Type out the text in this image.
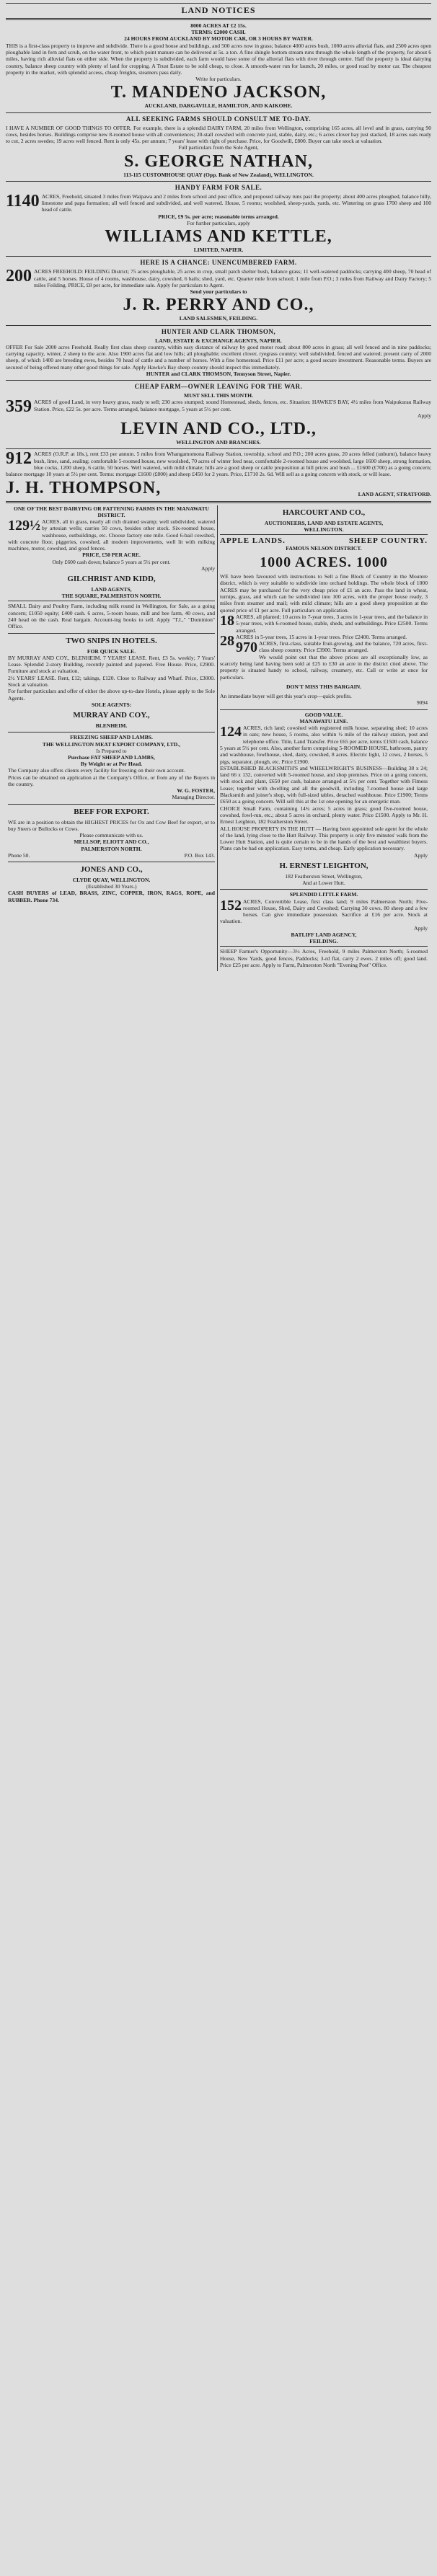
LAND NOTICES
8000 ACRES AT £2 15s.
TERMS: £2000 CASH.
24 HOURS FROM AUCKLAND BY MOTOR CAR, OR 3 HOURS BY WATER.

THIS is a first-class property to improve and subdivide. There is a good house and buildings, and 500 acres now in grass; balance 4000 acres bush, 1000 acres alluvial flats, and 2500 acres open ploughable land in fern and scrub, on the water front, to which point manure can be delivered at 5s. a ton. A fine shingle bottom stream runs through the whole length of the property, for about 6 miles, having rich alluvial flats on either side. When the property is subdivided, each farm would have some of the alluvial flats with river through centre. Half the property is ideal dairying country, balance sheep country with plenty of land for cropping. A Trust Estate to be sold cheap, to close. A smooth-water run for launch, 20 miles, or good road by motor car. The cheapest property in the market, with splendid access, cheap freights, steamers pass daily.

Write for particulars.
T. MANDENO JACKSON,
AUCKLAND, DARGAVILLE, HAMILTON, AND KAIKOHE.
ALL SEEKING FARMS SHOULD CONSULT ME TO-DAY.

I HAVE A NUMBER OF GOOD THINGS TO OFFER. For example, there is a splendid DAIRY FARM, 20 miles from Wellington, comprising 165 acres, all level and in grass, carrying 90 cows, besides horses. Buildings comprise new 8-roomed house with all conveniences; 20-stall cowshed with concrete yard, stable, dairy, etc.; 6 acres clover hay just stacked, 18 acres oats ready to cut, 2 acres swedes; 19 acres well fenced. Rent is only 45s. per annum; 7 years' lease with right of purchase. Price, for Goodwill, £800. Buyer can take stock at valuation.

Full particulars from the Sole Agent,
S. GEORGE NATHAN,
113-115 CUSTOMHOUSE QUAY (Opp. Bank of New Zealand), WELLINGTON.
HANDY FARM FOR SALE.

1140 ACRES, Freehold, situated 3 miles from Waipawa and 2 miles from school and post office, and proposed railway runs past the property; about 400 acres ploughed, balance hilly, limestone and papa formation; all well fenced and subdivided, and well watered. House, 5 rooms; woolshed, sheep-yards, yards, etc. Wintering on grass 1700 sheep and 100 head of cattle.

PRICE, £9 5s. per acre; reasonable terms arranged.
For further particulars, apply
WILLIAMS AND KETTLE,
LIMITED, NAPIER.
HERE IS A CHANCE: UNENCUMBERED FARM.

200 ACRES FREEHOLD: FEILDING District; 75 acres ploughable, 25 acres in crop, small patch shelter bush, balance grass; 11 well-watered paddocks; carrying 400 sheep, 70 head of cattle, and 5 horses. House of 4 rooms, washhouse, dairy, cowshed, 6 bails; shed, yard, etc. Quarter mile from school; 1 mile from P.O.; 3 miles from Railway and Dairy Factory; 5 miles Feilding. PRICE, £8 per acre, for immediate sale. Apply for particulars to Agent.

Send your particulars to
J. R. PERRY AND CO.,
LAND SALESMEN, FEILDING.
HUNTER AND CLARK THOMSON,
LAND, ESTATE & EXCHANGE AGENTS, NAPIER.

OFFER For Sale 2000 acres Freehold. Really first class sheep country, within easy distance of railway by good motor road; about 800 acres in grass; all well fenced and in nine paddocks; carrying capacity, winter, 2 sheep to the acre. Also 1900 acres flat and low hills; all ploughable; excellent clover, ryegrass country; well subdivided, fenced and watered; present carry of 2000 sheep, of which 1400 are breeding ewes, besides 70 head of cattle and a number of horses. With a fine homestead. Price £11 per acre; a good secure investment. Reasonable terms. Buyers are secured of being offered many other good things for sale. Apply Hawke's Bay sheep country should inspect this immediately.

HUNTER and CLARK THOMSON, Tennyson Street, Napier.
CHEAP FARM—OWNER LEAVING FOR THE WAR.
MUST SELL THIS MONTH.

359 ACRES of good Land, in very heavy grass, ready to sell; 230 acres stumped; sound Homestead, sheds, fences, etc. Situation: HAWKE'S BAY, 4½ miles from Waipukurau Railway Station. Price, £22 5s. per acre. Terms arranged, balance mortgage, 5 years at 5½ per cent.

Apply
LEVIN AND CO., LTD.,
WELLINGTON AND BRANCHES.

912 ACRES (O.R.P. at 18s.), rent £33 per annum. 5 miles from Whangamomona Railway Station, township, school and P.O.; 200 acres grass, 20 acres felled (unburnt), balance heavy bush, lime, sand, sealing; comfortable 5-roomed house, new woolshed, 70 acres of winter feed near, comfortable 2-roomed house and woolshed, large 1600 sheep, strong formation, blue cocks, 1200 sheep, 6 cattle, 50 horses. Well watered, with mild climate; hills are a good sheep or cattle proposition at hill prices and bush ... £1600 (£700) as a going concern; balance mortgage 10 years at 5½ per cent. Terms: mortgage £1600 (£800) and sheep £450 for 2 years. Price, £1710 2s. 6d. Will sell as a going concern with stock, or will lease.

J. H. THOMPSON,	LAND AGENT, STRATFORD.
ONE OF THE BEST DAIRYING OR FATTENING FARMS IN THE MANAWATU DISTRICT.

129½ ACRES, all in grass, nearly all rich drained swamp; well subdivided, watered by artesian wells; carries 50 cows, besides other stock. Six-roomed house, washhouse, outbuildings, etc. Choose factory one mile. Good 6-bail cowshed, with concrete floor, piggeries, cowshed, all modern improvements, well lit with milking machines, motor, cowshed, and good fences.

PRICE, £50 PER ACRE.
Only £600 cash down; balance 5 years at 5½ per cent.
Apply
GILCHRIST AND KIDD,
LAND AGENTS,
THE SQUARE, PALMERSTON NORTH.

SMALL Dairy and Poultry Farm, including milk round in Wellington, for Sale, as a going concern; £1050 equity; £400 cash. 6 acres, 5-room house, mill and bee farm, 40 cows, and 240 head on the cash. Real bargain. Account-ing books to sell. Apply "T.I.," "Dominion" Office.

TWO SNIPS IN HOTELS.
FOR QUICK SALE.

BY MURRAY AND COY., BLENHEIM. 7 YEARS' LEASE. Rent, £3 5s. weekly; 7 Years' Lease. Splendid 2-story Building, recently painted and papered. Free House. Price, £2900. Furniture and stock at valuation.

2½ YEARS' LEASE. Rent, £12; takings, £120. Close to Railway and Wharf. Price, £3000. Stock at valuation.

For further particulars and offer of either the above up-to-date Hotels, please apply to the Sole Agents.

SOLE AGENTS:
MURRAY AND COY.,
BLENHEIM.
FREEZING SHEEP AND LAMBS.
THE WELLINGTON MEAT EXPORT COMPANY, LTD.,
Is Prepared to
Purchase FAT SHEEP AND LAMBS,
By Weight or at Per Head.

The Company also offers clients every facility for freezing on their own account.

Prices can be obtained on application at the Company's Office, or from any of the Buyers in the country.

W. G. FOSTER,
Managing Director.
BEEF FOR EXPORT.

WE are in a position to obtain the HIGHEST PRICES for Ox and Cow Beef for export, or to buy Steers or Bullocks or Cows.

Please communicate with us.
MELLSOP, ELIOTT AND CO.,
PALMERSTON NORTH.
Phone 50.	P.O. Box 143.
JONES AND CO.,
CLYDE QUAY, WELLINGTON.
(Established 30 Years.)

CASH BUYERS of LEAD, BRASS, ZINC, COPPER, IRON, RAGS, ROPE, and RUBBER. Phone 734.

HARCOURT AND CO.,
AUCTIONEERS, LAND AND ESTATE AGENTS,
WELLINGTON.
APPLE LANDS.	SHEEP COUNTRY.
FAMOUS NELSON DISTRICT.
1000 ACRES. 1000

WE have been favoured with instructions to Sell a fine Block of Country in the Moutere district, which is very suitable to subdivide into orchard holdings. The whole block of 1000 ACRES may be purchased for the very cheap price of £1 an acre. Pass the land in wheat, turnips, grass, and which can be subdivided into 100 acres, with the proper house ready, 3 miles from steamer and mail; with mild climate; hills are a good sheep proposition at the quoted price of £1 per acre. Full particulars on application.

18 ACRES, all planted; 10 acres in 7-year trees, 3 acres in 1-year trees, and the balance in 5-year trees, with 6-roomed house, stable, sheds, and outbuildings. Price £2500. Terms arranged.

28 ACRES in 5-year trees, 15 acres in 1-year trees. Price £2400. Terms arranged.

970 ACRES, first-class, suitable fruit-growing, and the balance, 720 acres, first-class sheep country. Price £3900. Terms arranged.

We would point out that the above prices are all exceptionally low, as scarcely being land having been sold at £25 to £30 an acre in the district cited above. The property is situated handy to school, railway, creamery, etc. Call or write at once for particulars.

DON'T MISS THIS BARGAIN.

An immediate buyer will get this year's crop—quick profits.

9094
GOOD VALUE.
MANAWATU LINE.

124 ACRES, rich land; cowshed with registered milk house, separating shed; 10 acres in oats; new house, 5 rooms, also within ½ mile of the railway station, post and telephone office. Title, Land Transfer. Price £65 per acre, terms £1500 cash, balance 5 years at 5½ per cent. Also, another farm comprising 5-ROOMED HOUSE, bathroom, pantry and washhouse, fowlhouse, shed, dairy, cowshed, 8 acres. Electric light, 12 cows, 2 horses, 5 pigs, separator, plough, etc. Price £1900.

ESTABLISHED BLACKSMITH'S and WHEELWRIGHT'S BUSINESS—Building 38 x 24; land 66 x 132, converted with 5-roomed house, and shop premises. Price on a going concern, with stock and plant, £650 per cash, balance arranged at 5½ per cent. Together with Fitness Lease; together with dwelling and all the goodwill, including 7-roomed house and large Blacksmith and joiner's shop, with full-sized tables, detached washhouse. Price £1900; Terms £650 as a going concern. Will sell this at the 1st one opening for an energetic man.

CHOICE Small Farm, containing 14¾ acres; 5 acres in grass; good five-roomed house, cowshed, fowl-run, etc.; about 5 acres in orchard, plenty water. Price £1500. Apply to Mr. H. Ernest Leighton, 182 Featherston Street.

ALL HOUSE PROPERTY IN THE HUTT — Having been appointed sole agent for the whole of the land, lying close to the Hutt Railway. This property is only five minutes' walk from the Lower Hutt Station, and is quite certain to be in the hands of the best and wealthiest buyers. Plans can be had on application. Easy terms, and cheap. Early application necessary.

Apply
H. ERNEST LEIGHTON,
182 Featherston Street, Wellington,
And at Lower Hutt.
SPLENDID LITTLE FARM.

152 ACRES, Convertible Lease, first class land; 9 miles Palmerston North; Five-roomed House, Shed, Dairy and Cowshed; Carrying 30 cows, 80 sheep and a few horses. Can give immediate possession. Sacrifice at £16 per acre. Stock at valuation.

Apply
BATLIFF LAND AGENCY,
FEILDING.

SHEEP Farmer's Opportunity—3½ Acres, Freehold, 9 miles Palmerston North; 5-roomed House, New Yards, good fences, Paddocks; 3-rd flat, carry 2 ewes. 2 miles off; good land. Price £25 per acre. Apply to Farm, Palmerston North "Evening Post" Office.
